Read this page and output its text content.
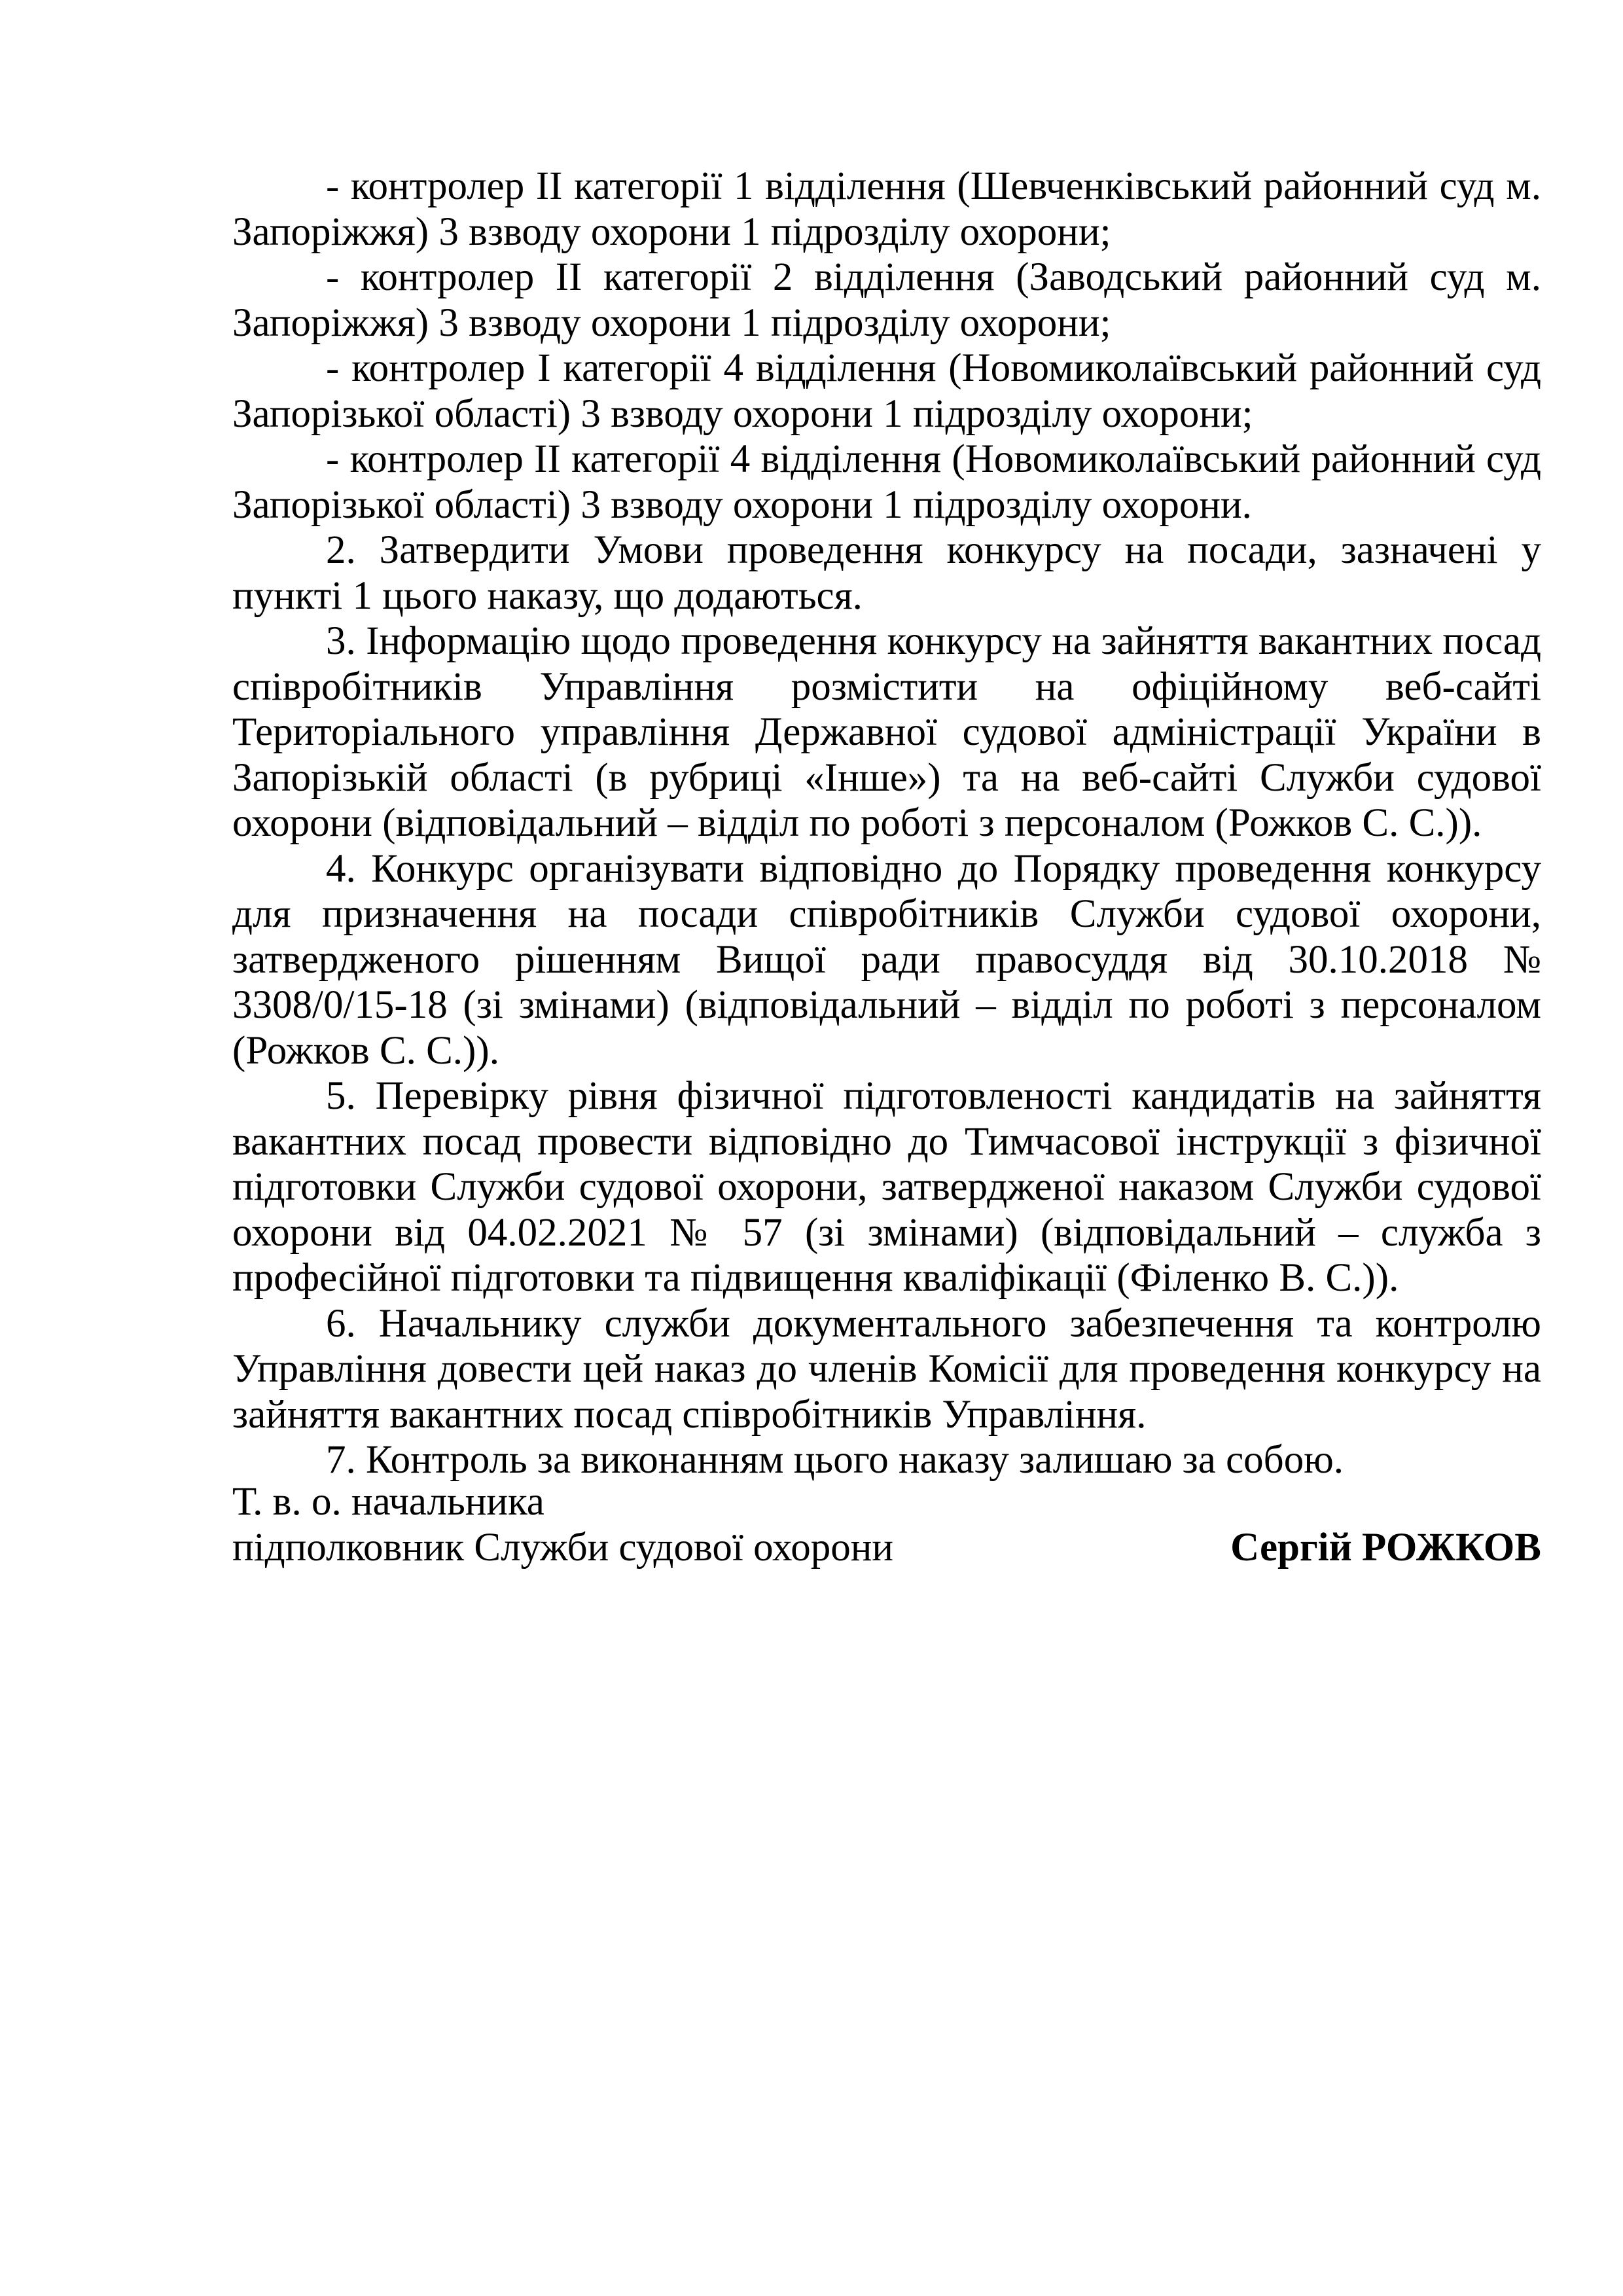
- контролер ІІ категорії 1 відділення (Шевченківський районний суд м. Запоріжжя) 3 взводу охорони 1 підрозділу охорони;

- контролер ІІ категорії 2 відділення (Заводський районний суд м. Запоріжжя) 3 взводу охорони 1 підрозділу охорони;

- контролер І категорії 4 відділення (Новомиколаївський районний суд Запорізької області) 3 взводу охорони 1 підрозділу охорони;

- контролер ІІ категорії 4 відділення (Новомиколаївський районний суд Запорізької області) 3 взводу охорони 1 підрозділу охорони.

2. Затвердити Умови проведення конкурсу на посади, зазначені у пункті 1 цього наказу, що додаються.

3. Інформацію щодо проведення конкурсу на зайняття вакантних посад співробітників Управління розмістити на офіційному веб-сайті Територіального управління Державної судової адміністрації України в Запорізькій області (в рубриці «Інше») та на веб-сайті Служби судової охорони (відповідальний – відділ по роботі з персоналом (Рожков С. С.)).

4. Конкурс організувати відповідно до Порядку проведення конкурсу для призначення на посади співробітників Служби судової охорони, затвердженого рішенням Вищої ради правосуддя від 30.10.2018 № 3308/0/15-18 (зі змінами) (відповідальний – відділ по роботі з персоналом (Рожков С. С.)).

5. Перевірку рівня фізичної підготовленості кандидатів на зайняття вакантних посад провести відповідно до Тимчасової інструкції з фізичної підготовки Служби судової охорони, затвердженої наказом Служби судової охорони від 04.02.2021 № 57 (зі змінами) (відповідальний – служба з професійної підготовки та підвищення кваліфікації (Філенко В. С.)).

6. Начальнику служби документального забезпечення та контролю Управління довести цей наказ до членів Комісії для проведення конкурсу на зайняття вакантних посад співробітників Управління.

7. Контроль за виконанням цього наказу залишаю за собою.

Т. в. о. начальника

підполковник Служби судової охорони	Сергій РОЖКОВ
